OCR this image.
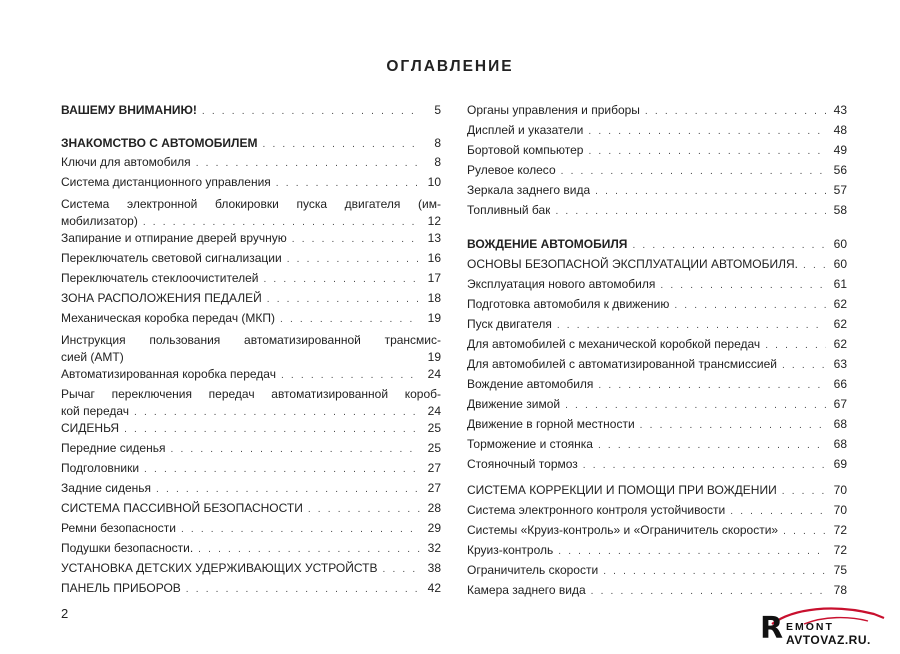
ОГЛАВЛЕНИЕ
ВАШЕМУ ВНИМАНИЮ! . . .	5
ЗНАКОМСТВО С АВТОМОБИЛЕМ . . .	8
Ключи для автомобиля . . .	8
Система дистанционного управления . . .	10
Система электронной блокировки пуска двигателя (им-
мобилизатор) . . .	12
Запирание и отпирание дверей вручную . . .	13
Переключатель световой сигнализации . . .	16
Переключатель стеклоочистителей . . .	17
ЗОНА РАСПОЛОЖЕНИЯ ПЕДАЛЕЙ . . .	18
Механическая коробка передач (МКП) . . .	19
Инструкция пользования автоматизированной трансмис-
сией (АМТ)	19
Автоматизированная коробка передач . . .	24
Рычаг переключения передач автоматизированной короб-
кой передач . . .	24
СИДЕНЬЯ . . .	25
Передние сиденья . . .	25
Подголовники . . .	27
Задние сиденья . . .	27
СИСТЕМА ПАССИВНОЙ БЕЗОПАСНОСТИ . . .	28
Ремни безопасности . . .	29
Подушки безопасности. . . .	32
УСТАНОВКА ДЕТСКИХ УДЕРЖИВАЮЩИХ УСТРОЙСТВ . . .	38
ПАНЕЛЬ ПРИБОРОВ . . .	42
Органы управления и приборы . . .	43
Дисплей и указатели . . .	48
Бортовой компьютер . . .	49
Рулевое колесо . . .	56
Зеркала заднего вида . . .	57
Топливный бак . . .	58
ВОЖДЕНИЕ АВТОМОБИЛЯ . . .	60
ОСНОВЫ БЕЗОПАСНОЙ ЭКСПЛУАТАЦИИ АВТОМОБИЛЯ. . . .	60
Эксплуатация нового автомобиля . . .	61
Подготовка автомобиля к движению . . .	62
Пуск двигателя . . .	62
Для автомобилей с механической коробкой передач . . .	62
Для автомобилей с автоматизированной трансмиссией . . .	63
Вождение автомобиля . . .	66
Движение зимой . . .	67
Движение в горной местности . . .	68
Торможение и стоянка . . .	68
Стояночный тормоз . . .	69
СИСТЕМА КОРРЕКЦИИ И ПОМОЩИ ПРИ ВОЖДЕНИИ . . .	70
Система электронного контроля устойчивости . . .	70
Системы «Круиз-контроль» и «Ограничитель скорости» . . .	72
Круиз-контроль . . .	72
Ограничитель скорости . . .	75
Камера заднего вида . . .	78
2	R EMONT
AVTOVAZ.RU.
